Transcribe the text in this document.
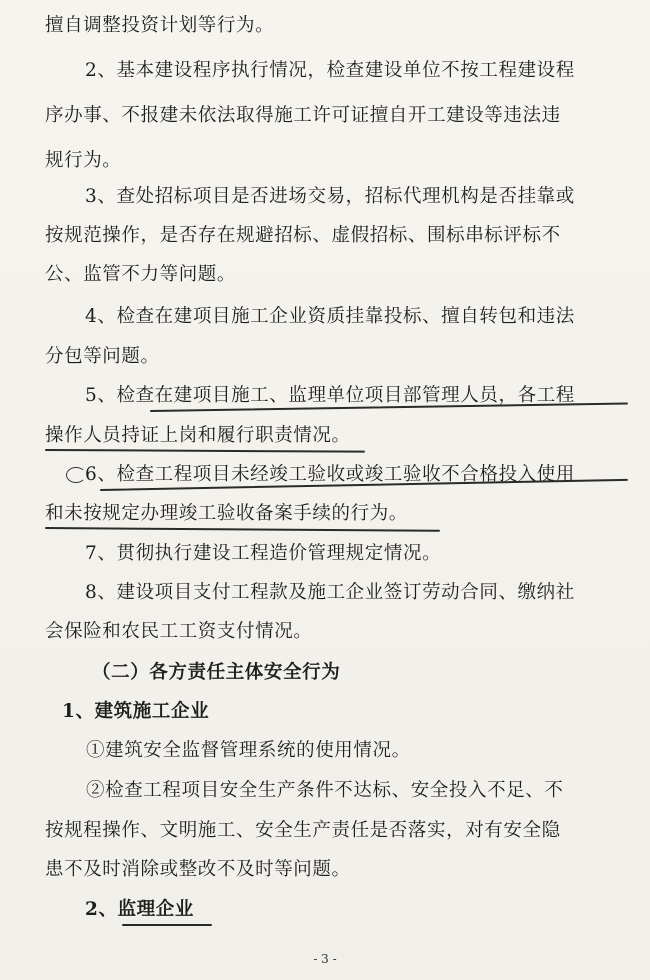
擅自调整投资计划等行为。
2、基本建设程序执行情况，检查建设单位不按工程建设程
序办事、不报建未依法取得施工许可证擅自开工建设等违法违
规行为。
3、查处招标项目是否进场交易，招标代理机构是否挂靠或
按规范操作，是否存在规避招标、虚假招标、围标串标评标不
公、监管不力等问题。
4、检查在建项目施工企业资质挂靠投标、擅自转包和违法
分包等问题。
5、检查在建项目施工、监理单位项目部管理人员，各工程
操作人员持证上岗和履行职责情况。
6、检查工程项目未经竣工验收或竣工验收不合格投入使用
和未按规定办理竣工验收备案手续的行为。
7、贯彻执行建设工程造价管理规定情况。
8、建设项目支付工程款及施工企业签订劳动合同、缴纳社
会保险和农民工工资支付情况。
（二）各方责任主体安全行为
1、建筑施工企业
①建筑安全监督管理系统的使用情况。
②检查工程项目安全生产条件不达标、安全投入不足、不
按规程操作、文明施工、安全生产责任是否落实，对有安全隐
患不及时消除或整改不及时等问题。
2、监理企业
- 3 -
